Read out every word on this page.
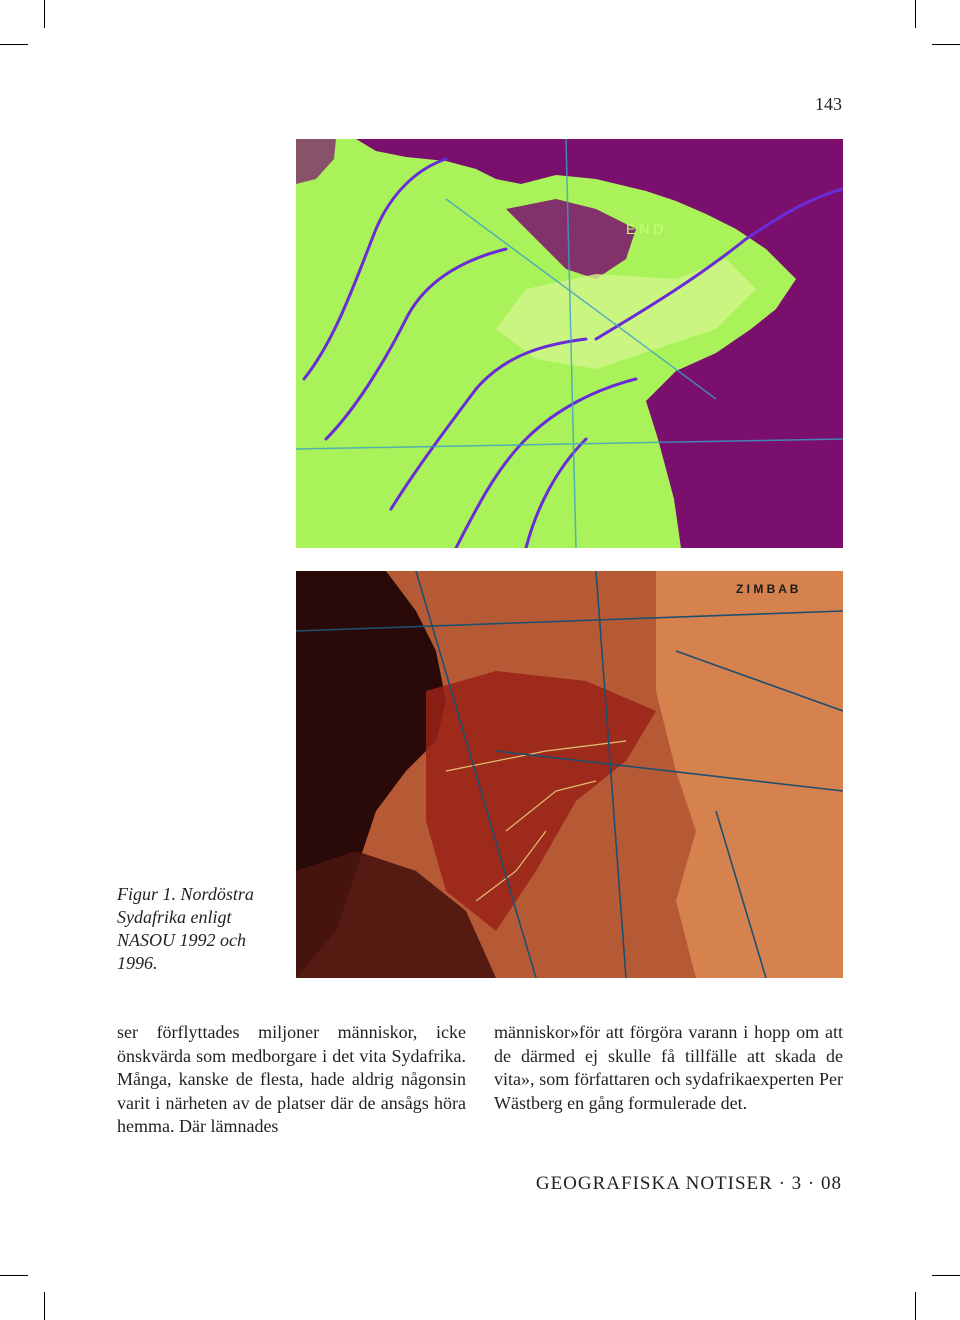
143
E N D
Z I M B A B
Figur 1. Nordöstra Sydafrika enligt NASOU 1992 och 1996.
ser förflyttades miljoner människor, icke önskvärda som medborgare i det vita Sydafrika. Många, kanske de flesta, hade aldrig någonsin varit i närheten av de platser där de ansågs höra hemma. Där lämnades
människor»för att förgöra varann i hopp om att de därmed ej skulle få tillfälle att skada de vita», som författaren och sydafrikaexperten Per Wästberg en gång formulerade det.
GEOGRAFISKA NOTISER · 3 · 08
